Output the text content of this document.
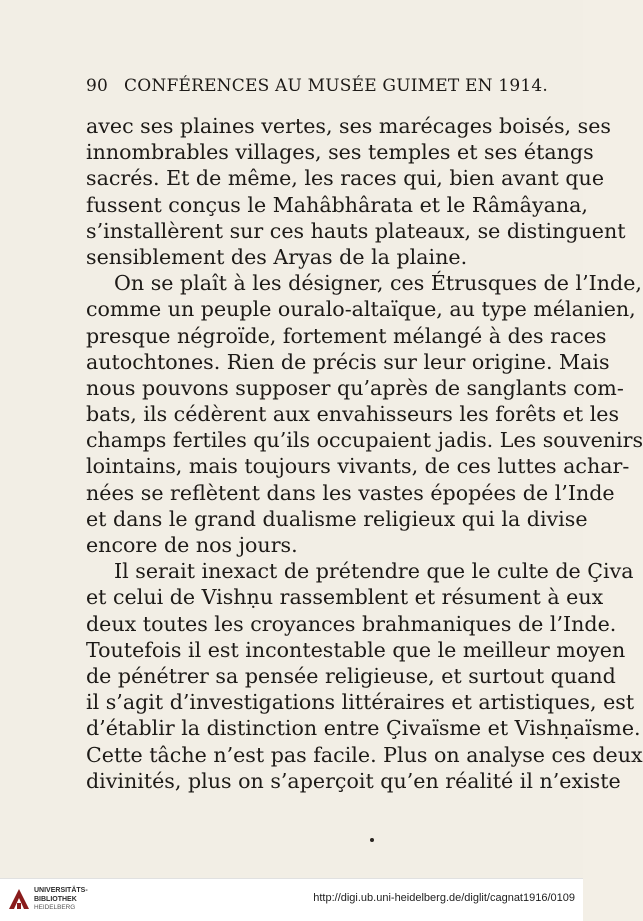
90 CONFÉRENCES AU MUSÉE GUIMET EN 1914.
avec ses plaines vertes, ses marécages boisés, ses
innombrables villages, ses temples et ses étangs
sacrés. Et de même, les races qui, bien avant que
fussent conçus le Mahâbhârata et le Râmâyana,
s’installèrent sur ces hauts plateaux, se distinguent
sensiblement des Aryas de la plaine.
On se plaît à les désigner, ces Étrusques de l’Inde,
comme un peuple ouralo-altaïque, au type mélanien,
presque négroïde, fortement mélangé à des races
autochtones. Rien de précis sur leur origine. Mais
nous pouvons supposer qu’après de sanglants com-
bats, ils cédèrent aux envahisseurs les forêts et les
champs fertiles qu’ils occupaient jadis. Les souvenirs
lointains, mais toujours vivants, de ces luttes achar-
nées se reflètent dans les vastes épopées de l’Inde
et dans le grand dualisme religieux qui la divise
encore de nos jours.
Il serait inexact de prétendre que le culte de Çiva
et celui de Vishṇu rassemblent et résument à eux
deux toutes les croyances brahmaniques de l’Inde.
Toutefois il est incontestable que le meilleur moyen
de pénétrer sa pensée religieuse, et surtout quand
il s’agit d’investigations littéraires et artistiques, est
d’établir la distinction entre Çivaïsme et Vishṇaïsme.
Cette tâche n’est pas facile. Plus on analyse ces deux
divinités, plus on s’aperçoit qu’en réalité il n’existe
UNIVERSITÄTS-
BIBLIOTHEK
HEIDELBERG
http://digi.ub.uni-heidelberg.de/diglit/cagnat1916/0109
